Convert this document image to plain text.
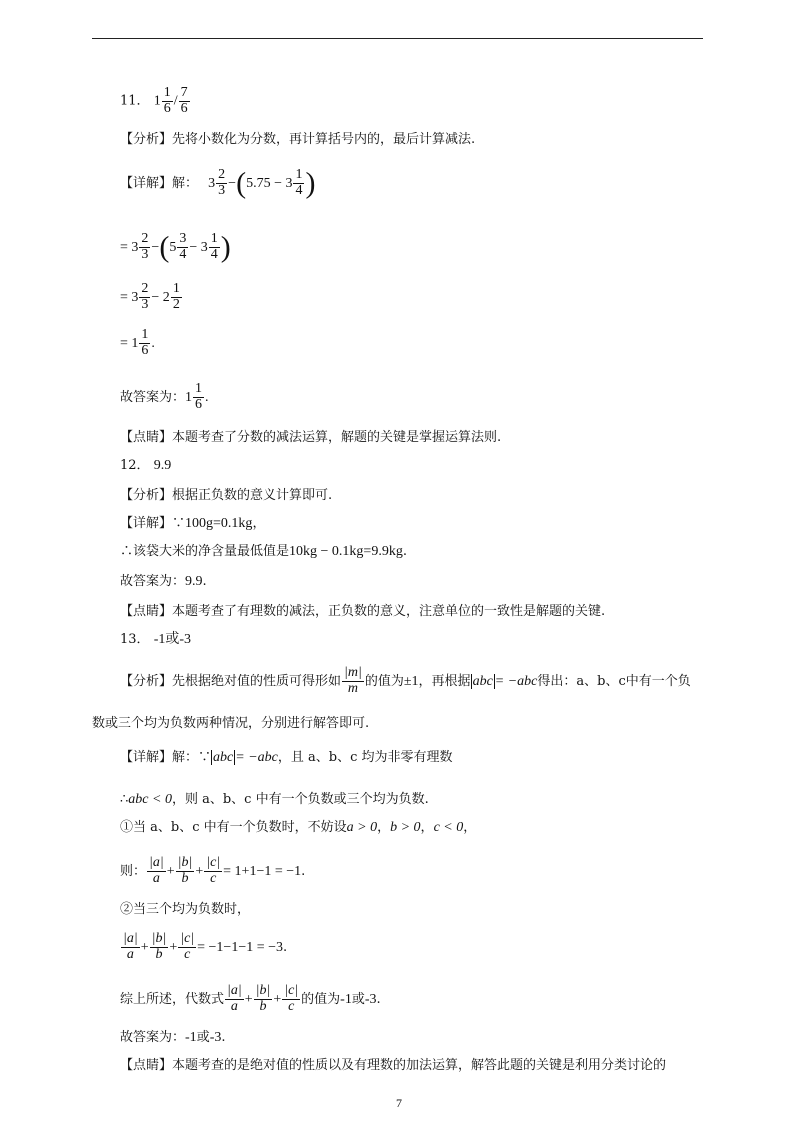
11． $1 \frac{1}{6} / \frac{7}{6}$
【分析】先将小数化为分数，再计算括号内的，最后计算减法.
【详解】解： $3 \frac{2}{3} -(5.75 - 3 \frac{1}{4}$ )
= $3 \frac{2}{3} -(5 \frac{3}{4} - 3 \frac{1}{4}$ )
= $3 \frac{2}{3} - 2 \frac{1}{2}$
= $1 \frac{1}{6}$ .
故答案为：$1 \frac{1}{6}$ .
【点睛】本题考查了分数的减法运算，解题的关键是掌握运算法则.
12． 9.9
【分析】根据正负数的意义计算即可.
【详解】∵100g=0.1kg，
∴该袋大米的净含量最低值是10kg − 0.1kg=9.9kg.
故答案为：9.9.
【点睛】本题考查了有理数的减法，正负数的意义，注意单位的一致性是解题的关键.
13． -1或-3
【分析】先根据绝对值的性质可得形如 $\frac{|m|}{m}$ 的值为±1，再根据 abc = −abc得出：a、b、c中有一个负
数或三个均为负数两种情况，分别进行解答即可.
【详解】解：∵ abc = −abc，且 a、b、c 均为非零有理数
∴abc < 0，则 a、b、c 中有一个负数或三个均为负数.
①当 a、b、c 中有一个负数时，不妨设a > 0，b > 0，c < 0，
则： $\frac{|a|}{a} + \frac{|b|}{b} + \frac{|c|}{c} = 1+1-1 = -1$.
②当三个均为负数时，
$\frac{|a|}{a} + \frac{|b|}{b} + \frac{|c|}{c} = -1-1-1 = -3$.
综上所述，代数式 $\frac{|a|}{a} + \frac{|b|}{b} + \frac{|c|}{c}$ 的值为-1或-3.
故答案为：-1或-3.
【点睛】本题考查的是绝对值的性质以及有理数的加法运算，解答此题的关键是利用分类讨论的
7
